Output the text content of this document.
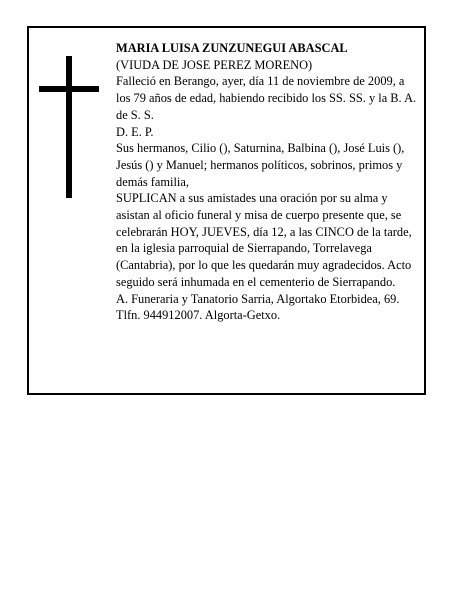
MARIA LUISA ZUNZUNEGUI ABASCAL

(VIUDA DE JOSE PEREZ MORENO)

Falleció en Berango, ayer, día 11 de noviembre de 2009, a los 79 años de edad, habiendo recibido los SS. SS. y la B. A. de S. S.

D. E. P.

Sus hermanos, Cilio (), Saturnina, Balbina (), José Luis (), Jesús () y Manuel; hermanos políticos, sobrinos, primos y demás familia,

SUPLICAN a sus amistades una oración por su alma y asistan al oficio funeral y misa de cuerpo presente que, se celebrarán HOY, JUEVES, día 12, a las CINCO de la tarde, en la iglesia parroquial de Sierrapando, Torrelavega (Cantabria), por lo que les quedarán muy agradecidos. Acto seguido será inhumada en el cementerio de Sierrapando.

A. Funeraria y Tanatorio Sarria, Algortako Etorbidea, 69. Tlfn. 944912007. Algorta-Getxo.
